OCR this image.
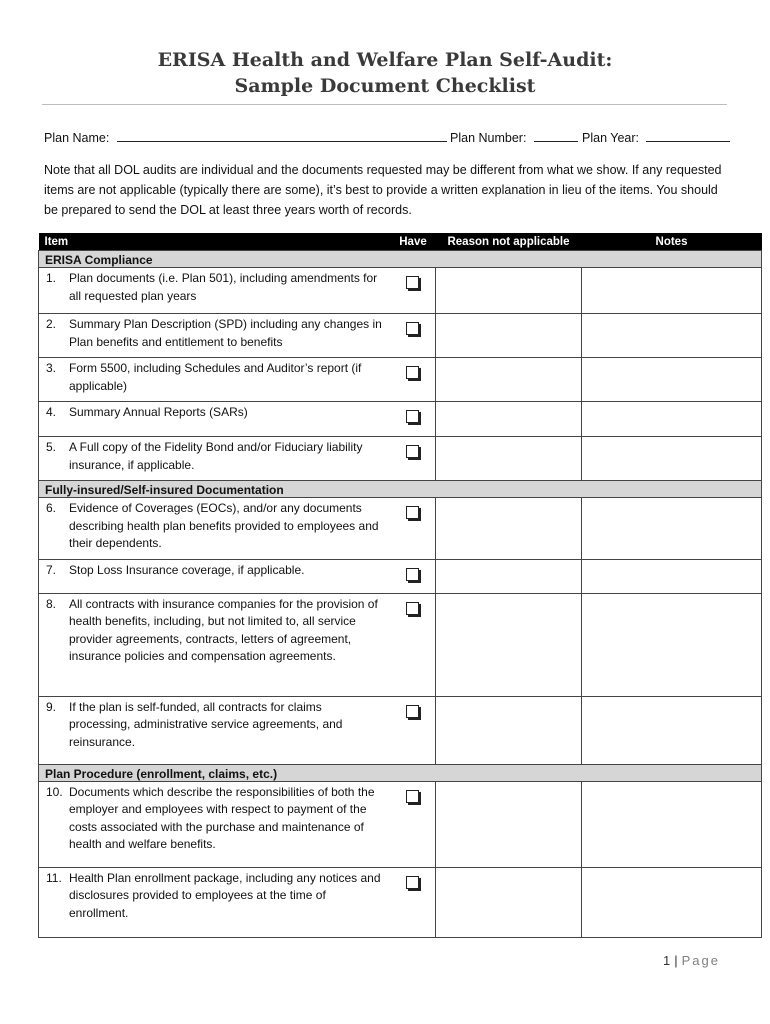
ERISA Health and Welfare Plan Self-Audit:
Sample Document Checklist
Plan Name:	Plan Number:	Plan Year:
Note that all DOL audits are individual and the documents requested may be different from what we show. If any requested items are not applicable (typically there are some), it’s best to provide a written explanation in lieu of the items. You should be prepared to send the DOL at least three years worth of records.
Item	Have	Reason not applicable	Notes
ERISA Compliance			

1. Plan documents (i.e. Plan 501), including amendments for all requested plan years			

2. Summary Plan Description (SPD) including any changes in Plan benefits and entitlement to benefits			

3. Form 5500, including Schedules and Auditor’s report (if applicable)			

4. Summary Annual Reports (SARs)			

5. A Full copy of the Fidelity Bond and/or Fiduciary liability insurance, if applicable.			

Fully-insured/Self-insured Documentation			

6. Evidence of Coverages (EOCs), and/or any documents describing health plan benefits provided to employees and their dependents.			

7. Stop Loss Insurance coverage, if applicable.			

8. All contracts with insurance companies for the provision of health benefits, including, but not limited to, all service provider agreements, contracts, letters of agreement, insurance policies and compensation agreements.			

9. If the plan is self-funded, all contracts for claims processing, administrative service agreements, and reinsurance.			

Plan Procedure (enrollment, claims, etc.)			

10. Documents which describe the responsibilities of both the employer and employees with respect to payment of the costs associated with the purchase and maintenance of health and welfare benefits.			

11. Health Plan enrollment package, including any notices and disclosures provided to employees at the time of enrollment.			

1 | Page
